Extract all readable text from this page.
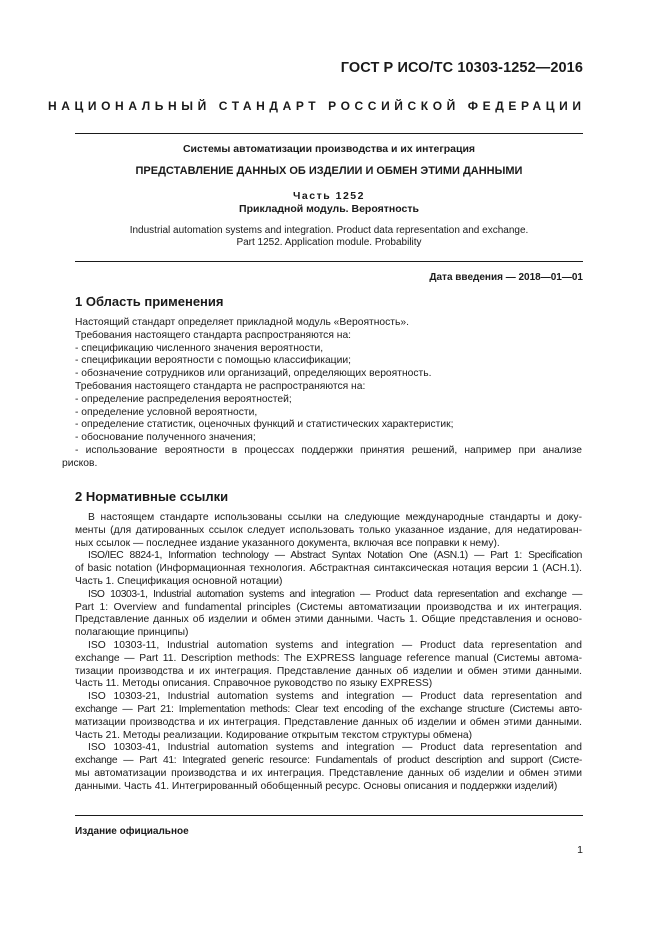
ГОСТ Р ИСО/ТС 10303-1252—2016
НАЦИОНАЛЬНЫЙ СТАНДАРТ РОССИЙСКОЙ ФЕДЕРАЦИИ
Системы автоматизации производства и их интеграция
ПРЕДСТАВЛЕНИЕ ДАННЫХ ОБ ИЗДЕЛИИ И ОБМЕН ЭТИМИ ДАННЫМИ
Часть 1252
Прикладной модуль. Вероятность
Industrial automation systems and integration. Product data representation and exchange.
Part 1252. Application module. Probability
Дата введения — 2018—01—01
1 Область применения
Настоящий стандарт определяет прикладной модуль «Вероятность».
Требования настоящего стандарта распространяются на:
- спецификацию численного значения вероятности,
- спецификации вероятности с помощью классификации;
- обозначение сотрудников или организаций, определяющих вероятность.
Требования настоящего стандарта не распространяются на:
- определение распределения вероятностей;
- определение условной вероятности,
- определение статистик, оценочных функций и статистических характеристик;
- обоснование полученного значения;
- использование вероятности в процессах поддержки принятия решений, например при анализе
рисков.
2 Нормативные ссылки
В настоящем стандарте использованы ссылки на следующие международные стандарты и доку-
менты (для датированных ссылок следует использовать только указанное издание, для недатирован-
ных ссылок — последнее издание указанного документа, включая все поправки к нему).
ISO/IEC 8824-1, Information technology — Abstract Syntax Notation One (ASN.1) — Part 1: Specification
of basic notation (Информационная технология. Абстрактная синтаксическая нотация версии 1 (АСН.1).
Часть 1. Спецификация основной нотации)
ISO 10303-1, Industrial automation systems and integration — Product data representation and exchange —
Part 1: Overview and fundamental principles (Системы автоматизации производства и их интеграция.
Представление данных об изделии и обмен этими данными. Часть 1. Общие представления и осново-
полагающие принципы)
ISO 10303-11, Industrial automation systems and integration — Product data representation and
exchange — Part 11. Description methods: The EXPRESS language reference manual (Системы автома-
тизации производства и их интеграция. Представление данных об изделии и обмен этими данными.
Часть 11. Методы описания. Справочное руководство по языку EXPRESS)
ISO 10303-21, Industrial automation systems and integration — Product data representation and
exchange — Part 21: Implementation methods: Clear text encoding of the exchange structure (Системы авто-
матизации производства и их интеграция. Представление данных об изделии и обмен этими данными.
Часть 21. Методы реализации. Кодирование открытым текстом структуры обмена)
ISO 10303-41, Industrial automation systems and integration — Product data representation and
exchange — Part 41: Integrated generic resource: Fundamentals of product description and support (Систе-
мы автоматизации производства и их интеграция. Представление данных об изделии и обмен этими
данными. Часть 41. Интегрированный обобщенный ресурс. Основы описания и поддержки изделий)
Издание официальное
1
